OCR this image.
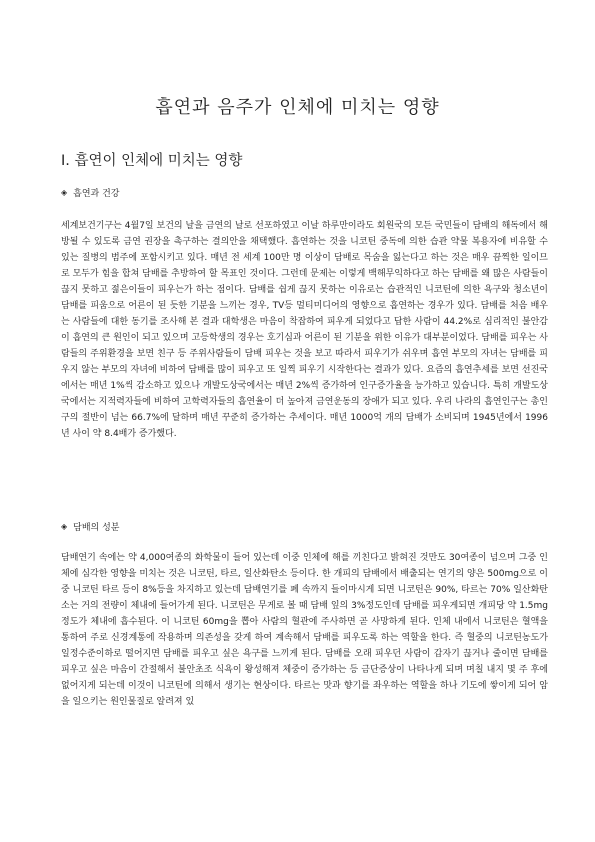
흡연과 음주가 인체에 미치는 영향
Ⅰ. 흡연이 인체에 미치는 영향
◈ 흡연과 건강

세계보건기구는 4월7일 보건의 날을 금연의 날로 선포하였고 이날 하루만이라도 회원국의 모든 국민들이 담배의 해독에서 해방될 수 있도록 금연 권장을 촉구하는 결의안을 채택했다. 흡연하는 것을 니코틴 중독에 의한 습관 약물 복용자에 비유할 수 있는 질병의 범주에 포함시키고 있다. 매년 전 세계 100만 명 이상이 담배로 목숨을 잃는다고 하는 것은 매우 끔찍한 일이므로 모두가 힘을 합쳐 담배를 추방하여 할 목표인 것이다. 그런데 문제는 이렇게 백해무익하다고 하는 담배를 왜 많은 사람들이 끊지 못하고 젊은이들이 피우는가 하는 점이다. 담배를 쉽게 끊지 못하는 이유로는 습관적인 니코틴에 의한 욕구와 청소년이 담배를 피움으로 어른이 된 듯한 기분을 느끼는 경우, TV등 멀티미디어의 영향으로 흡연하는 경우가 있다. 담배를 처음 배우는 사람들에 대한 동기를 조사해 본 결과 대학생은 마음이 착잡하여 피우게 되었다고 답한 사람이 44.2%로 심리적인 불안감이 흡연의 큰 원인이 되고 있으며 고등학생의 경우는 호기심과 어른이 된 기분을 위한 이유가 대부분이었다. 담배를 피우는 사람들의 주위환경을 보면 친구 등 주위사람들이 담배 피우는 것을 보고 따라서 피우기가 쉬우며 흡연 부모의 자녀는 담배를 피우지 않는 부모의 자녀에 비하여 담배를 많이 피우고 또 일찍 피우기 시작한다는 결과가 있다. 요즘의 흡연추세를 보면 선진국에서는 매년 1%씩 감소하고 있으나 개발도상국에서는 매년 2%씩 증가하여 인구증가율을 능가하고 있습니다. 특히 개발도상국에서는 지적력자들에 비하여 고학력자들의 흡연율이 더 높아져 금연운동의 장애가 되고 있다. 우리 나라의 흡연인구는 총인구의 절반이 넘는 66.7%에 달하며 매년 꾸준히 증가하는 추세이다. 매년 1000억 개의 담배가 소비되며 1945년에서 1996년 사이 약 8.4배가 증가했다.

◈ 담배의 성분

담배연기 속에는 약 4,000여종의 화학물이 들어 있는데 이중 인체에 해를 끼친다고 밝혀진 것만도 30여종이 넘으며 그중 인체에 심각한 영향을 미치는 것은 니코틴, 타르, 일산화탄소 등이다. 한 개피의 담배에서 배출되는 연기의 양은 500mg으로 이중 니코틴 타르 등이 8%등을 차지하고 있는데 담배연기를 폐 속까지 들이마시게 되면 니코틴은 90%, 타르는 70% 일산화탄소는 거의 전량이 체내에 들어가게 된다. 니코틴은 무게로 볼 때 담배 잎의 3%정도인데 담배를 피우게되면 개피당 약 1.5mg정도가 체내에 흡수된다. 이 니코틴 60mg을 뽑아 사람의 혈관에 주사하면 곧 사망하게 된다. 인체 내에서 니코틴은 혈액을 통하여 주로 신경계통에 작용하며 의존성을 갖게 하여 계속해서 담배를 피우도록 하는 역할을 한다. 즉 혈중의 니코틴농도가 일정수준이하로 떨어지면 담배를 피우고 싶은 욕구를 느끼게 된다. 담배를 오래 피우던 사람이 갑자기 끊거나 줄이면 담배를 피우고 싶은 마음이 간절해서 불안초조 식욕이 왕성해져 체중이 증가하는 등 금단증상이 나타나게 되며 며칠 내지 몇 주 후에 없어지게 되는데 이것이 니코틴에 의해서 생기는 현상이다. 타르는 맛과 향기를 좌우하는 역할을 하나 기도에 쌓이게 되어 암을 일으키는 원인물질로 알려져 있
